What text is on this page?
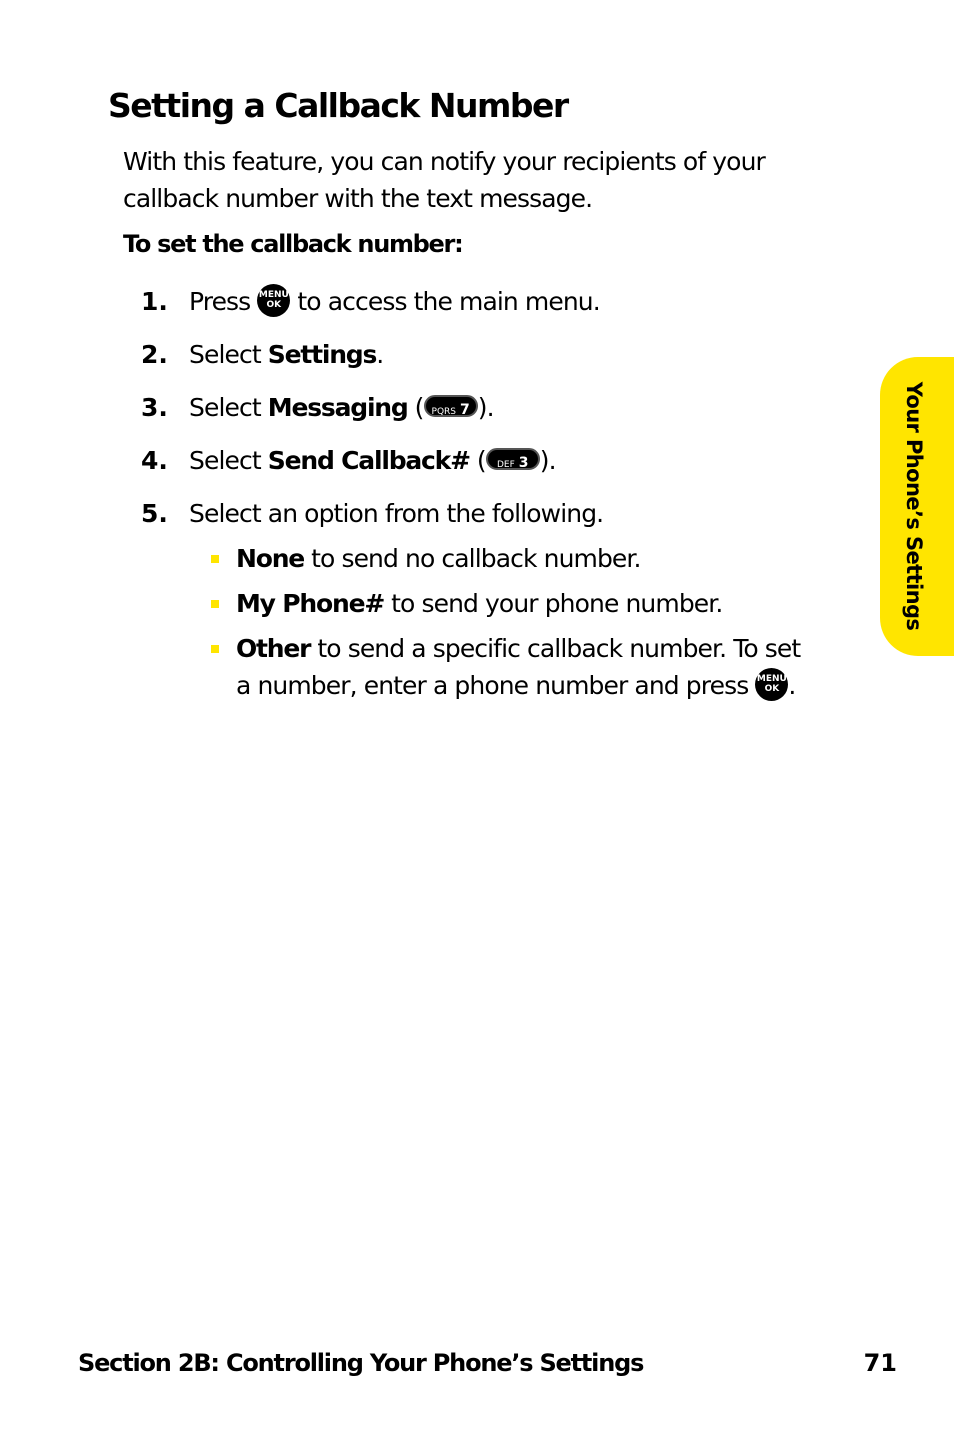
Setting a Callback Number

With this feature, you can notify your recipients of your callback number with the text message.

To set the callback number:

1. Press MENU
OK to access the main menu.
2. Select Settings.
3. Select Messaging ( PQRS 7 ).
4. Select Send Callback# ( DEF 3 ).
5. Select an option from the following.
None to send no callback number.
My Phone# to send your phone number.
Other to send a specific callback number. To set a number, enter a phone number and press MENU
OK .
Your Phone’s Settings

Section 2B: Controlling Your Phone’s Settings	71
